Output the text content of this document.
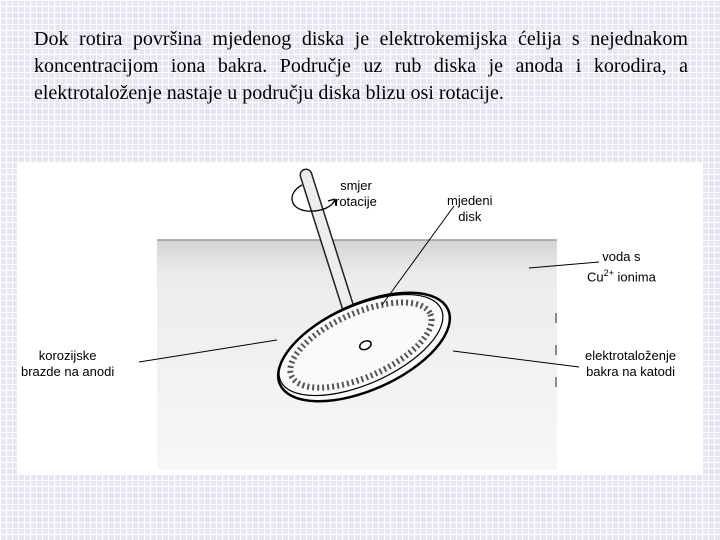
Dok rotira površina mjedenog diska je elektrokemijska ćelija s nejednakom koncentracijom iona bakra. Područje uz rub diska je anoda i korodira, a elektrotaloženje nastaje u području diska blizu osi rotacije.
smjer
rotacije	mjedeni
disk
voda s
$Cu^{2+}$ ionima
korozijske
brazde na anodi
elektrotaloženje
bakra na katodi
